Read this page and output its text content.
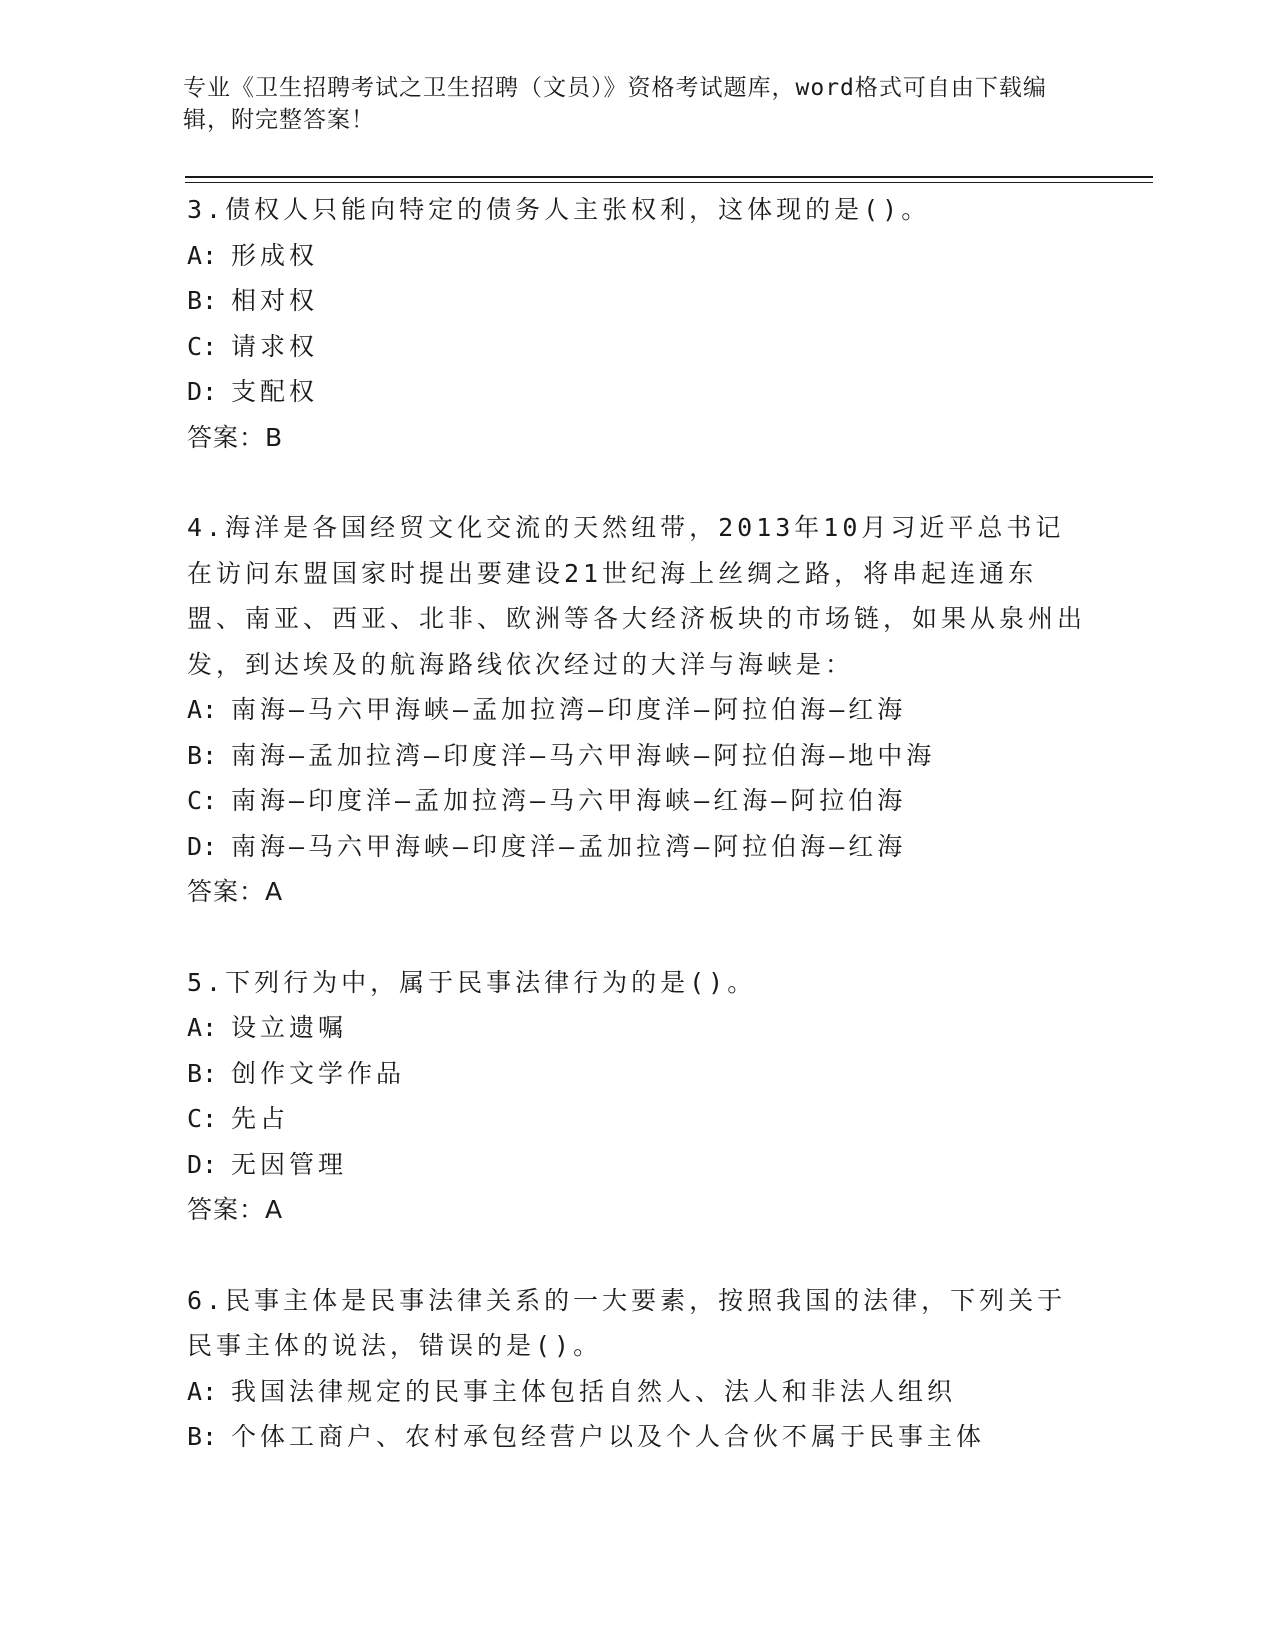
专业《卫生招聘考试之卫生招聘（文员）》资格考试题库，word格式可自由下载编辑，附完整答案！

3.债权人只能向特定的债务人主张权利，这体现的是()。

A: 形成权

B: 相对权

C: 请求权

D: 支配权

答案：B

4.海洋是各国经贸文化交流的天然纽带，2013年10月习近平总书记在访问东盟国家时提出要建设21世纪海上丝绸之路，将串起连通东盟、南亚、西亚、北非、欧洲等各大经济板块的市场链，如果从泉州出发，到达埃及的航海路线依次经过的大洋与海峡是：

A: 南海—马六甲海峡—孟加拉湾—印度洋—阿拉伯海—红海

B: 南海—孟加拉湾—印度洋—马六甲海峡—阿拉伯海—地中海

C: 南海—印度洋—孟加拉湾—马六甲海峡—红海—阿拉伯海

D: 南海—马六甲海峡—印度洋—孟加拉湾—阿拉伯海—红海

答案：A

5.下列行为中，属于民事法律行为的是()。

A: 设立遗嘱

B: 创作文学作品

C: 先占

D: 无因管理

答案：A

6.民事主体是民事法律关系的一大要素，按照我国的法律，下列关于民事主体的说法，错误的是()。

A: 我国法律规定的民事主体包括自然人、法人和非法人组织

B: 个体工商户、农村承包经营户以及个人合伙不属于民事主体
